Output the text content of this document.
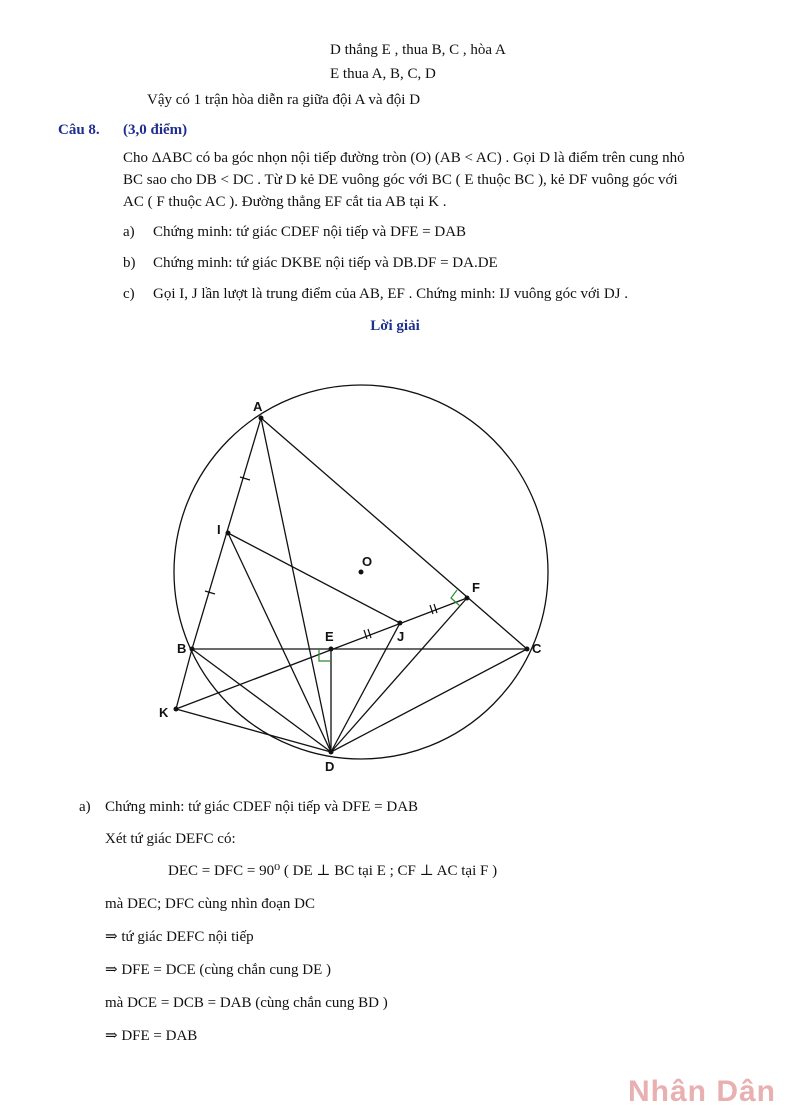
D thắng E , thua B, C , hòa A
E thua A, B, C, D
Vậy có 1 trận hòa diễn ra giữa đội A và đội D
Câu 8. (3,0 điểm)
Cho ΔABC có ba góc nhọn nội tiếp đường tròn (O) (AB < AC) . Gọi D là điểm trên cung nhỏ
BC sao cho DB < DC . Từ D kẻ DE vuông góc với BC ( E thuộc BC ), kẻ DF vuông góc với
AC ( F thuộc AC ). Đường thẳng EF cắt tia AB tại K .
a) Chứng minh: tứ giác CDEF nội tiếp và DFE = DAB
b) Chứng minh: tứ giác DKBE nội tiếp và DB.DF = DA.DE
c) Gọi I, J lần lượt là trung điểm của AB, EF . Chứng minh: IJ vuông góc với DJ .
Lời giải
A
B	C
D
E
F
I
J
K
O
a) Chứng minh: tứ giác CDEF nội tiếp và DFE = DAB
Xét tứ giác DEFC có:
DEC = DFC = 90⁰ ( DE ⊥ BC tại E ; CF ⊥ AC tại F )
mà DEC; DFC cùng nhìn đoạn DC
⇒ tứ giác DEFC nội tiếp
⇒ DFE = DCE (cùng chắn cung DE )
mà DCE = DCB = DAB (cùng chắn cung BD )
⇒ DFE = DAB
Nhân Dân
